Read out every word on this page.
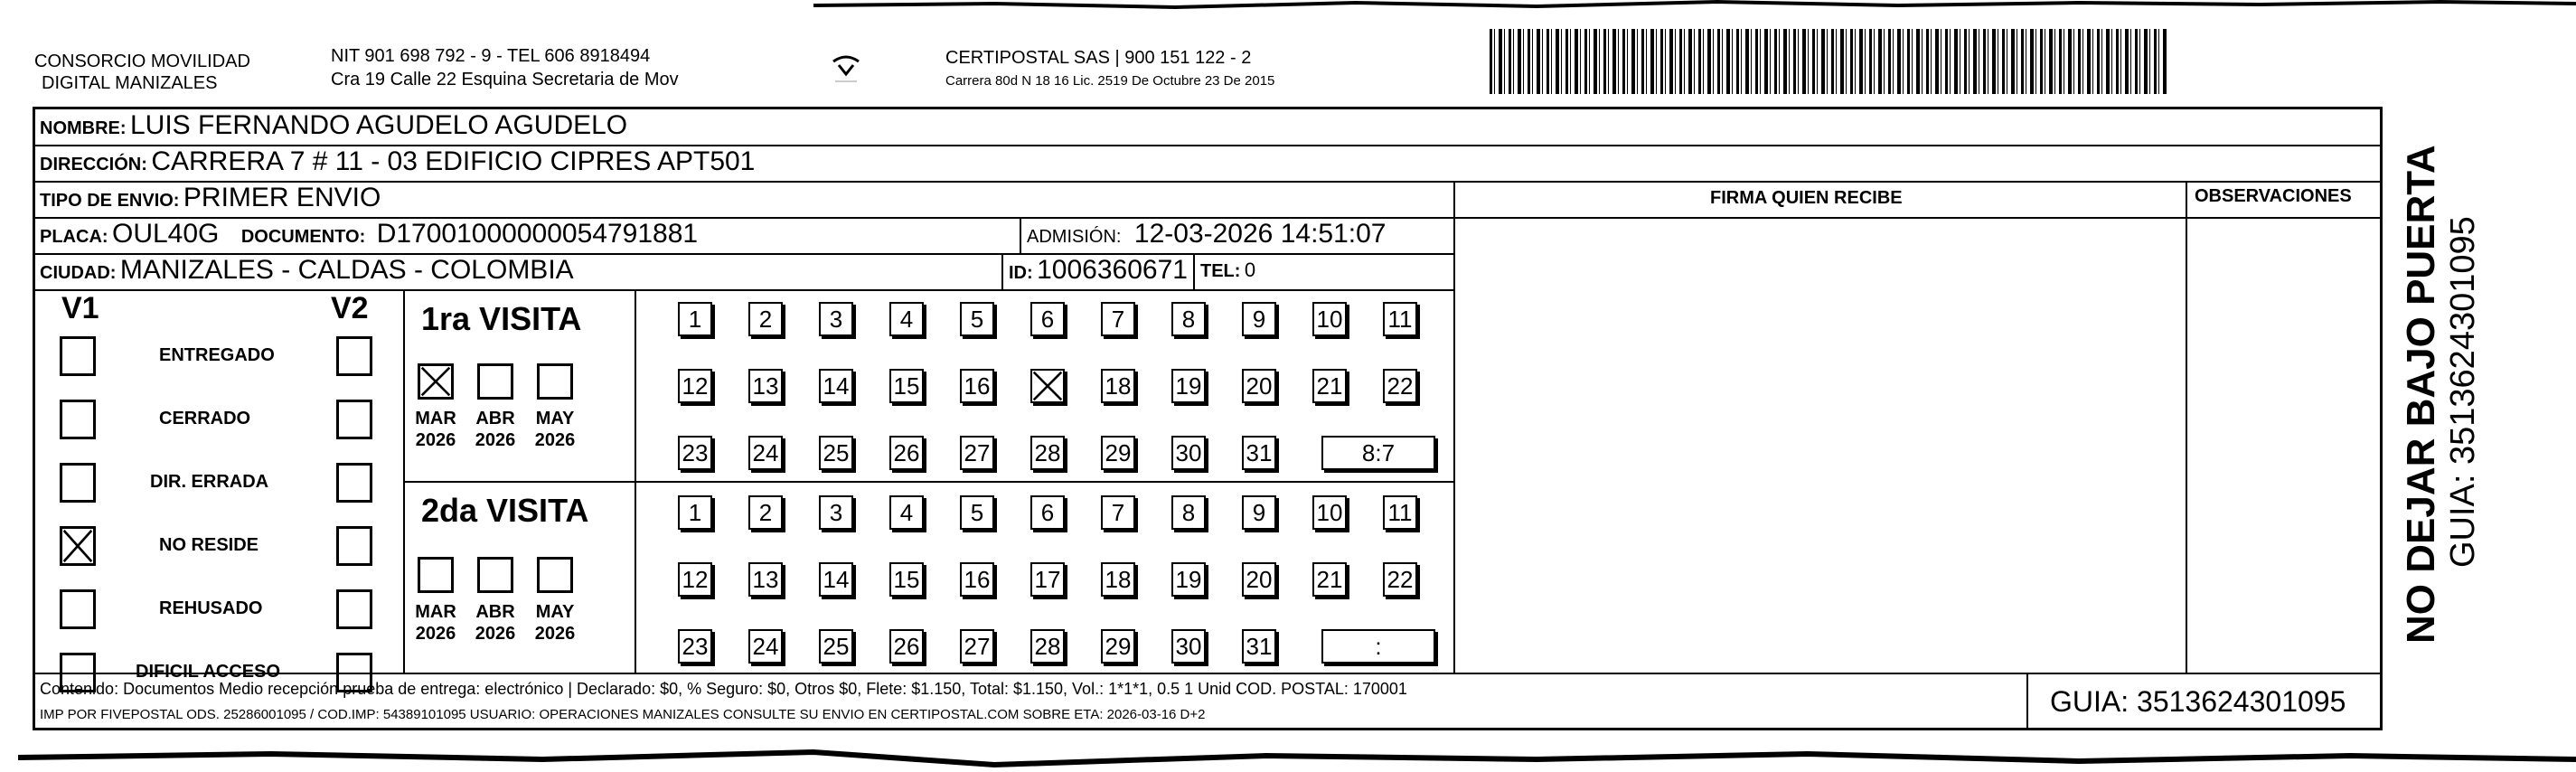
CONSORCIO MOVILIDAD
DIGITAL MANIZALES
NIT 901 698 792 - 9 - TEL 606 8918494
Cra 19 Calle 22 Esquina Secretaria de Mov
CERTIPOSTAL SAS | 900 151 122 - 2
Carrera 80d N 18 16 Lic. 2519 De Octubre 23 De 2015
NOMBRE: LUIS FERNANDO AGUDELO AGUDELO
DIRECCIÓN: CARRERA 7 # 11 - 03 EDIFICIO CIPRES APT501
TIPO DE ENVIO: PRIMER ENVIO	FIRMA QUIEN RECIBE	OBSERVACIONES
PLACA: OUL40G DOCUMENTO: D17001000000054791881	ADMISIÓN: 12-03-2026 14:51:07
CIUDAD: MANIZALES - CALDAS - COLOMBIA	ID: 1006360671 TEL: 0
V1	V2
ENTREGADO
CERRADO
DIR. ERRADA
NO RESIDE
REHUSADO
DIFICIL ACCESO
1ra VISITA
MAR
2026
ABR
2026
MAY
2026
1	2	3	4	5	6	7	8	9	10 11
12 13 14 15 16	18 19 20 21 22
23 24 25 26 27 28 29 30 31	8:7
2da VISITA
MAR
2026
ABR
2026
MAY
2026
1	2	3	4	5	6	7	8	9	10 11
12 13 14 15 16 17 18 19 20 21 22
23 24 25 26 27 28 29 30 31	:
Contenido: Documentos Medio recepción prueba de entrega: electrónico | Declarado: $0, % Seguro: $0, Otros $0, Flete: $1.150, Total: $1.150, Vol.: 1*1*1, 0.5 1 Unid COD. POSTAL: 170001
IMP POR FIVEPOSTAL ODS. 25286001095 / COD.IMP: 54389101095 USUARIO: OPERACIONES MANIZALES CONSULTE SU ENVIO EN CERTIPOSTAL.COM SOBRE ETA: 2026-03-16 D+2	GUIA: 3513624301095
NO DEJAR BAJO PUERTA GUIA: 3513624301095
